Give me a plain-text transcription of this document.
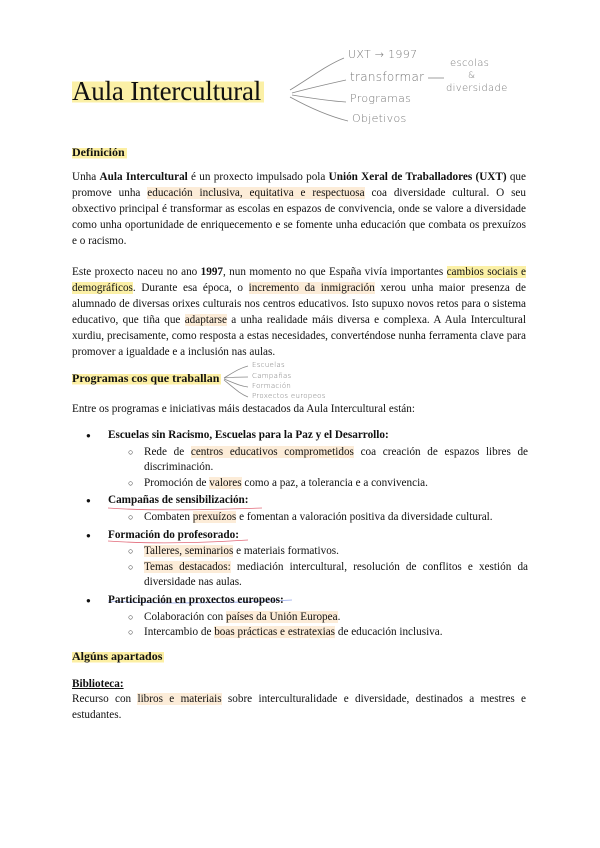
Aula Intercultural
UXT → 1997
transformar
Programas
Objetivos
escolas
&
diversidade
Definición
Unha Aula Intercultural é un proxecto impulsado pola Unión Xeral de Traballadores (UXT) que promove unha educación inclusiva, equitativa e respectuosa coa diversidade cultural. O seu obxectivo principal é transformar as escolas en espazos de convivencia, onde se valore a diversidade como unha oportunidade de enriquecemento e se fomente unha educación que combata os prexuízos e o racismo.
Este proxecto naceu no ano 1997, nun momento no que España vivía importantes cambios sociais e demográficos. Durante esa época, o incremento da inmigración xerou unha maior presenza de alumnado de diversas orixes culturais nos centros educativos. Isto supuxo novos retos para o sistema educativo, que tiña que adaptarse a unha realidade máis diversa e complexa. A Aula Intercultural xurdiu, precisamente, como resposta a estas necesidades, converténdose nunha ferramenta clave para promover a igualdade e a inclusión nas aulas.
Programas cos que traballan
Escuelas
Campañas
Formación
Proxectos europeos
Entre os programas e iniciativas máis destacados da Aula Intercultural están:
● Escuelas sin Racismo, Escuelas para la Paz y el Desarrollo:
○ Rede de centros educativos comprometidos coa creación de espazos libres de discriminación.
○ Promoción de valores como a paz, a tolerancia e a convivencia.
● Campañas de sensibilización:
○ Combaten prexuízos e fomentan a valoración positiva da diversidade cultural.
● Formación do profesorado:
○ Talleres, seminarios e materiais formativos.
○ Temas destacados: mediación intercultural, resolución de conflitos e xestión da diversidade nas aulas.
● Participación en proxectos europeos:
○ Colaboración con países da Unión Europea.
○ Intercambio de boas prácticas e estratexias de educación inclusiva.
Algúns apartados
Biblioteca:
Recurso con libros e materiais sobre interculturalidade e diversidade, destinados a mestres e estudantes.
